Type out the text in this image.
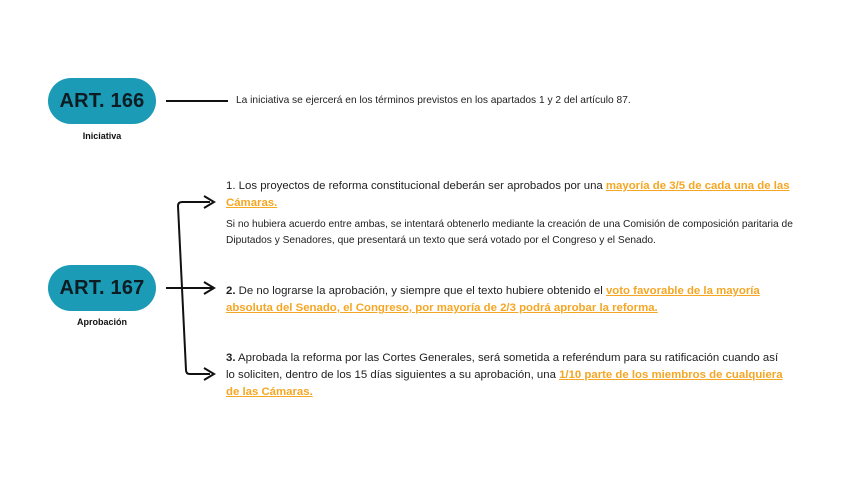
ART. 166
Iniciativa
La iniciativa se ejercerá en los términos previstos en los apartados 1 y 2 del artículo 87.
ART. 167
Aprobación
1. Los proyectos de reforma constitucional deberán ser aprobados por una mayoría de 3/5 de cada una de las Cámaras.
Si no hubiera acuerdo entre ambas, se intentará obtenerlo mediante la creación de una Comisión de composición paritaria de Diputados y Senadores, que presentará un texto que será votado por el Congreso y el Senado.
2. De no lograrse la aprobación, y siempre que el texto hubiere obtenido el voto favorable de la mayoría absoluta del Senado, el Congreso, por mayoría de 2/3 podrá aprobar la reforma.
3. Aprobada la reforma por las Cortes Generales, será sometida a referéndum para su ratificación cuando así lo soliciten, dentro de los 15 días siguientes a su aprobación, una 1/10 parte de los miembros de cualquiera de las Cámaras.
